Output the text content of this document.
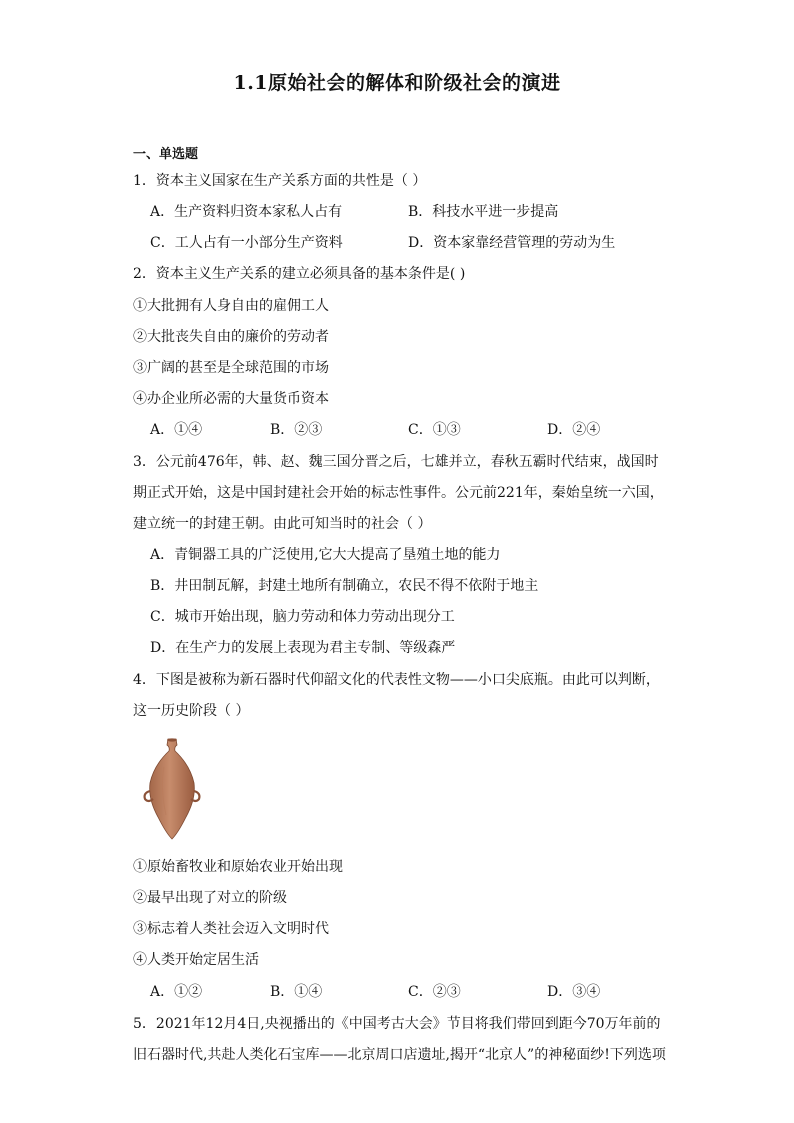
1.1原始社会的解体和阶级社会的演进
一、单选题
1．资本主义国家在生产关系方面的共性是（ ）
A．生产资料归资本家私人占有	B．科技水平进一步提高
C．工人占有一小部分生产资料	D．资本家靠经营管理的劳动为生
2．资本主义生产关系的建立必须具备的基本条件是( )
①大批拥有人身自由的雇佣工人
②大批丧失自由的廉价的劳动者
③广阔的甚至是全球范围的市场
④办企业所必需的大量货币资本
A．①④	B．②③	C．①③	D．②④
3．公元前476年，韩、赵、魏三国分晋之后，七雄并立，春秋五霸时代结束，战国时
期正式开始，这是中国封建社会开始的标志性事件。公元前221年，秦始皇统一六国，
建立统一的封建王朝。由此可知当时的社会（ ）
A．青铜器工具的广泛使用,它大大提高了垦殖土地的能力
B．井田制瓦解，封建土地所有制确立，农民不得不依附于地主
C．城市开始出现，脑力劳动和体力劳动出现分工
D．在生产力的发展上表现为君主专制、等级森严
4．下图是被称为新石器时代仰韶文化的代表性文物——小口尖底瓶。由此可以判断，
这一历史阶段（ ）
①原始畜牧业和原始农业开始出现
②最早出现了对立的阶级
③标志着人类社会迈入文明时代
④人类开始定居生活
A．①②	B．①④	C．②③	D．③④
5．2021年12月4日,央视播出的《中国考古大会》节目将我们带回到距今70万年前的
旧石器时代,共赴人类化石宝库——北京周口店遗址,揭开“北京人”的神秘面纱!下列选项
